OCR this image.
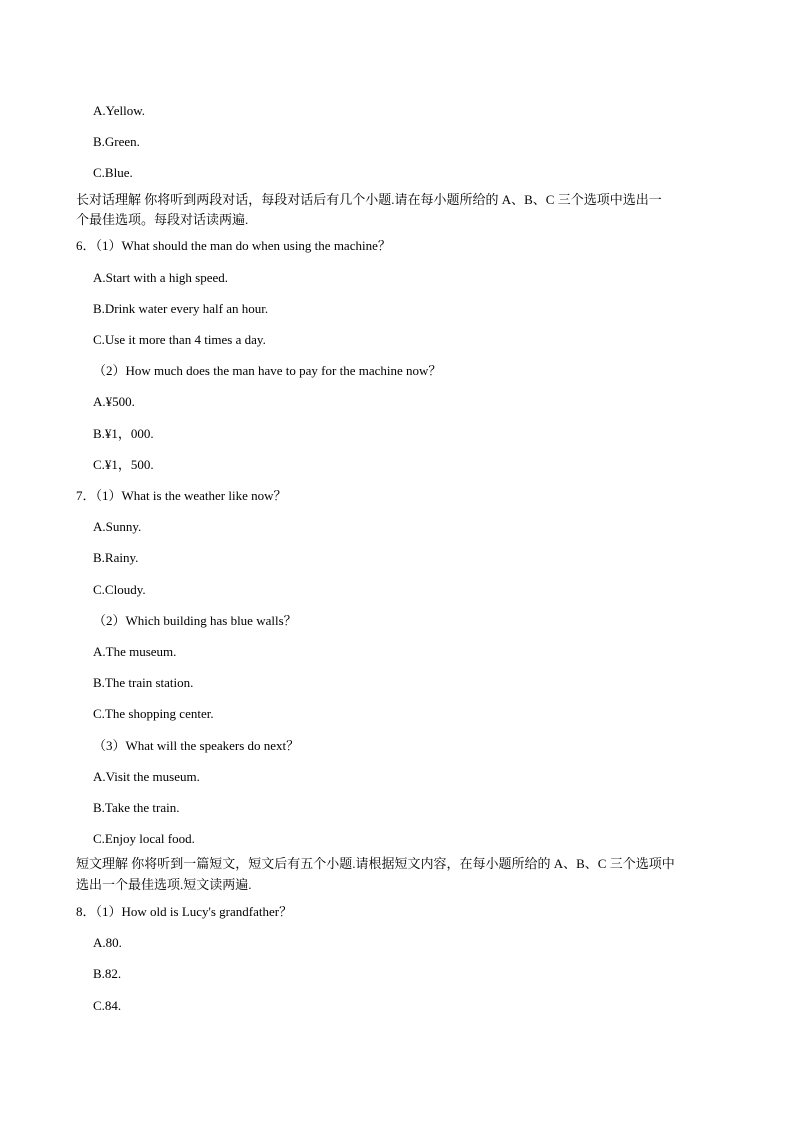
A.Yellow.
B.Green.
C.Blue.
长对话理解 你将听到两段对话，每段对话后有几个小题.请在每小题所给的 A、B、C 三个选项中选出一
个最佳选项。每段对话读两遍.
6．（1）What should the man do when using the machine？
A.Start with a high speed.
B.Drink water every half an hour.
C.Use it more than 4 times a day.
（2）How much does the man have to pay for the machine now？
A.¥500.
B.¥1，000.
C.¥1，500.
7．（1）What is the weather like now？
A.Sunny.
B.Rainy.
C.Cloudy.
（2）Which building has blue walls？
A.The museum.
B.The train station.
C.The shopping center.
（3）What will the speakers do next？
A.Visit the museum.
B.Take the train.
C.Enjoy local food.
短文理解 你将听到一篇短文，短文后有五个小题.请根据短文内容，在每小题所给的 A、B、C 三个选项中
选出一个最佳选项.短文读两遍.
8．（1）How old is Lucy's grandfather？
A.80.
B.82.
C.84.
